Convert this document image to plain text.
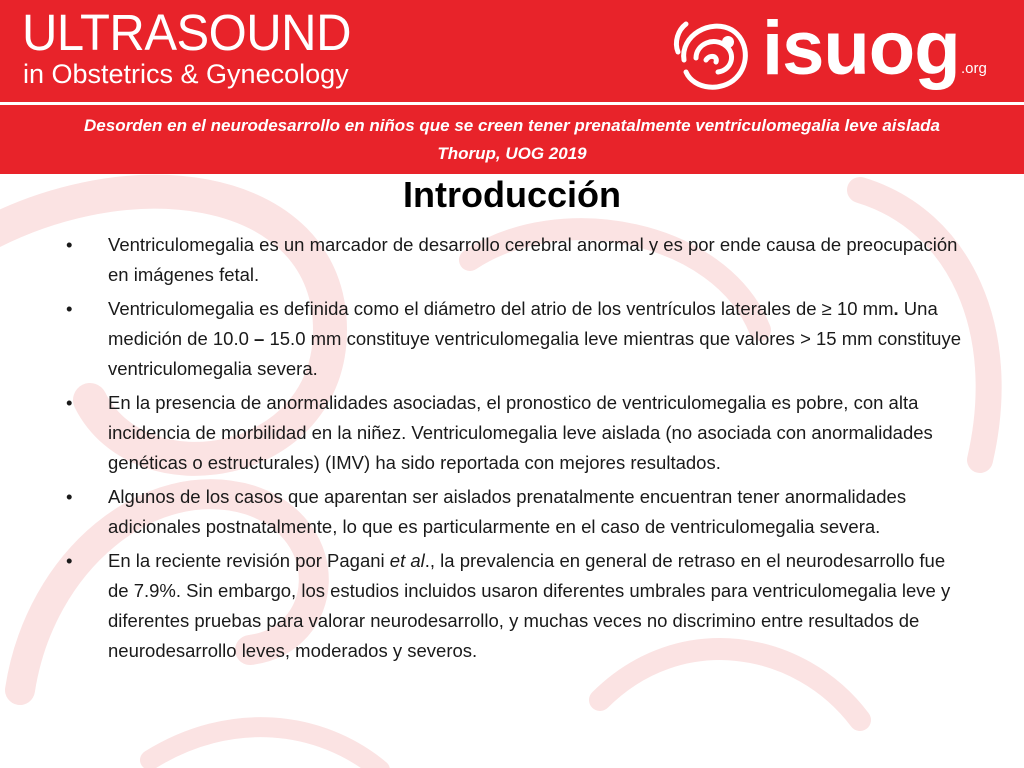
ULTRASOUND
in Obstetrics & Gynecology	isuog .org
Desorden en el neurodesarrollo en niños que se creen tener prenatalmente ventriculomegalia leve aislada
Thorup, UOG 2019
Introducción
•	Ventriculomegalia es un marcador de desarrollo cerebral anormal y es por ende causa de preocupación en imágenes fetal.
•	Ventriculomegalia es definida como el diámetro del atrio de los ventrículos laterales de ≥ 10 mm. Una medición de 10.0 – 15.0 mm constituye ventriculomegalia leve mientras que valores > 15 mm constituye ventriculomegalia severa.
•	En la presencia de anormalidades asociadas, el pronostico de ventriculomegalia es pobre, con alta incidencia de morbilidad en la niñez. Ventriculomegalia leve aislada (no asociada con anormalidades genéticas o estructurales) (IMV) ha sido reportada con mejores resultados.
•	Algunos de los casos que aparentan ser aislados prenatalmente encuentran tener anormalidades adicionales postnatalmente, lo que es particularmente en el caso de ventriculomegalia severa.
•	En la reciente revisión por Pagani et al., la prevalencia en general de retraso en el neurodesarrollo fue de 7.9%. Sin embargo, los estudios incluidos usaron diferentes umbrales para ventriculomegalia leve y diferentes pruebas para valorar neurodesarrollo, y muchas veces no discrimino entre resultados de neurodesarrollo leves, moderados y severos.
